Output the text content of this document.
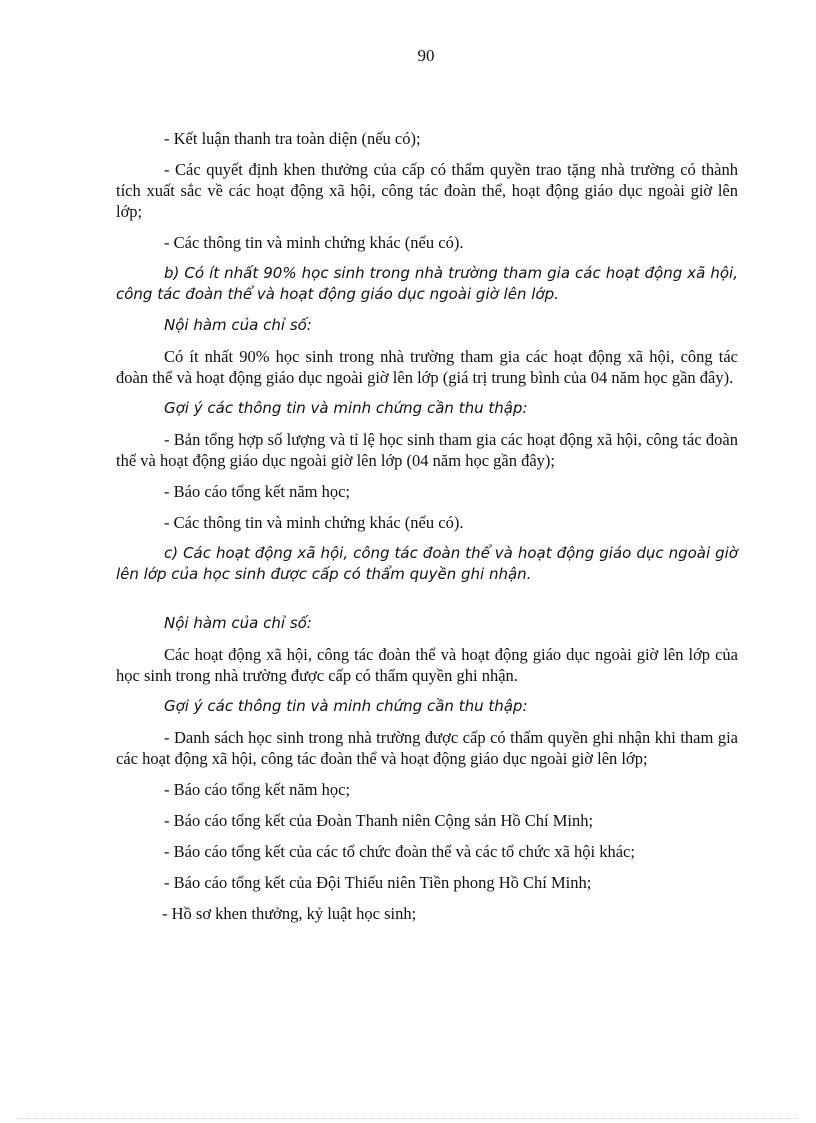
90

- Kết luận thanh tra toàn diện (nếu có);

- Các quyết định khen thưởng của cấp có thẩm quyền trao tặng nhà trường có thành tích xuất sắc về các hoạt động xã hội, công tác đoàn thể, hoạt động giáo dục ngoài giờ lên lớp;

- Các thông tin và minh chứng khác (nếu có).

b) Có ít nhất 90% học sinh trong nhà trường tham gia các hoạt động xã hội, công tác đoàn thể và hoạt động giáo dục ngoài giờ lên lớp.

Nội hàm của chỉ số:

Có ít nhất 90% học sinh trong nhà trường tham gia các hoạt động xã hội, công tác đoàn thể và hoạt động giáo dục ngoài giờ lên lớp (giá trị trung bình của 04 năm học gần đây).

Gợi ý các thông tin và minh chứng cần thu thập:

- Bản tổng hợp số lượng và tỉ lệ học sinh tham gia các hoạt động xã hội, công tác đoàn thể và hoạt động giáo dục ngoài giờ lên lớp (04 năm học gần đây);

- Báo cáo tổng kết năm học;

- Các thông tin và minh chứng khác (nếu có).

c) Các hoạt động xã hội, công tác đoàn thể và hoạt động giáo dục ngoài giờ lên lớp của học sinh được cấp có thẩm quyền ghi nhận.

Nội hàm của chỉ số:

Các hoạt động xã hội, công tác đoàn thể và hoạt động giáo dục ngoài giờ lên lớp của học sinh trong nhà trường được cấp có thẩm quyền ghi nhận.

Gợi ý các thông tin và minh chứng cần thu thập:

- Danh sách học sinh trong nhà trường được cấp có thẩm quyền ghi nhận khi tham gia các hoạt động xã hội, công tác đoàn thể và hoạt động giáo dục ngoài giờ lên lớp;

- Báo cáo tổng kết năm học;

- Báo cáo tổng kết của Đoàn Thanh niên Cộng sản Hồ Chí Minh;

- Báo cáo tổng kết của các tổ chức đoàn thể và các tổ chức xã hội khác;

- Báo cáo tổng kết của Đội Thiếu niên Tiền phong Hồ Chí Minh;

- Hồ sơ khen thưởng, kỷ luật học sinh;
